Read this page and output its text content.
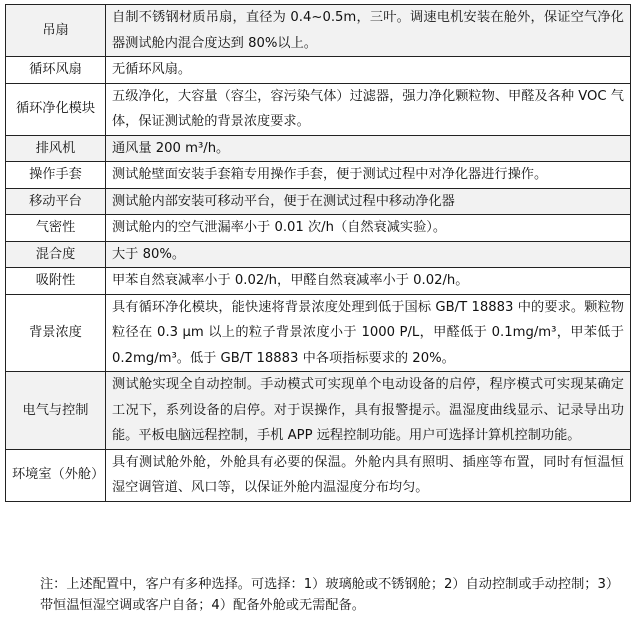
吊扇	自制不锈钢材质吊扇，直径为 0.4~0.5m，三叶。调速电机安装在舱外，保证空气净化器测试舱内混合度达到 80%以上。
循环风扇	无循环风扇。
循环净化模块	五级净化，大容量（容尘，容污染气体）过滤器，强力净化颗粒物、甲醛及各种 VOC 气体，保证测试舱的背景浓度要求。
排风机	通风量 200 m³/h。
操作手套	测试舱壁面安装手套箱专用操作手套，便于测试过程中对净化器进行操作。
移动平台	测试舱内部安装可移动平台，便于在测试过程中移动净化器
气密性	测试舱内的空气泄漏率小于 0.01 次/h（自然衰减实验）。
混合度	大于 80%。
吸附性	甲苯自然衰减率小于 0.02/h，甲醛自然衰减率小于 0.02/h。
背景浓度	具有循环净化模块，能快速将背景浓度处理到低于国标 GB/T 18883 中的要求。颗粒物粒径在 0.3 μm 以上的粒子背景浓度小于 1000 P/L，甲醛低于 0.1mg/m³，甲苯低于 0.2mg/m³。低于 GB/T 18883 中各项指标要求的 20%。
电气与控制	测试舱实现全自动控制。手动模式可实现单个电动设备的启停，程序模式可实现某确定工况下，系列设备的启停。对于误操作，具有报警提示。温湿度曲线显示、记录导出功能。平板电脑远程控制，手机 APP 远程控制功能。用户可选择计算机控制功能。
环境室（外舱）	具有测试舱外舱，外舱具有必要的保温。外舱内具有照明、插座等布置，同时有恒温恒湿空调管道、风口等，以保证外舱内温湿度分布均匀。
注：上述配置中，客户有多种选择。可选择：1）玻璃舱或不锈钢舱；2）自动控制或手动控制；3）带恒温恒湿空调或客户自备；4）配备外舱或无需配备。
